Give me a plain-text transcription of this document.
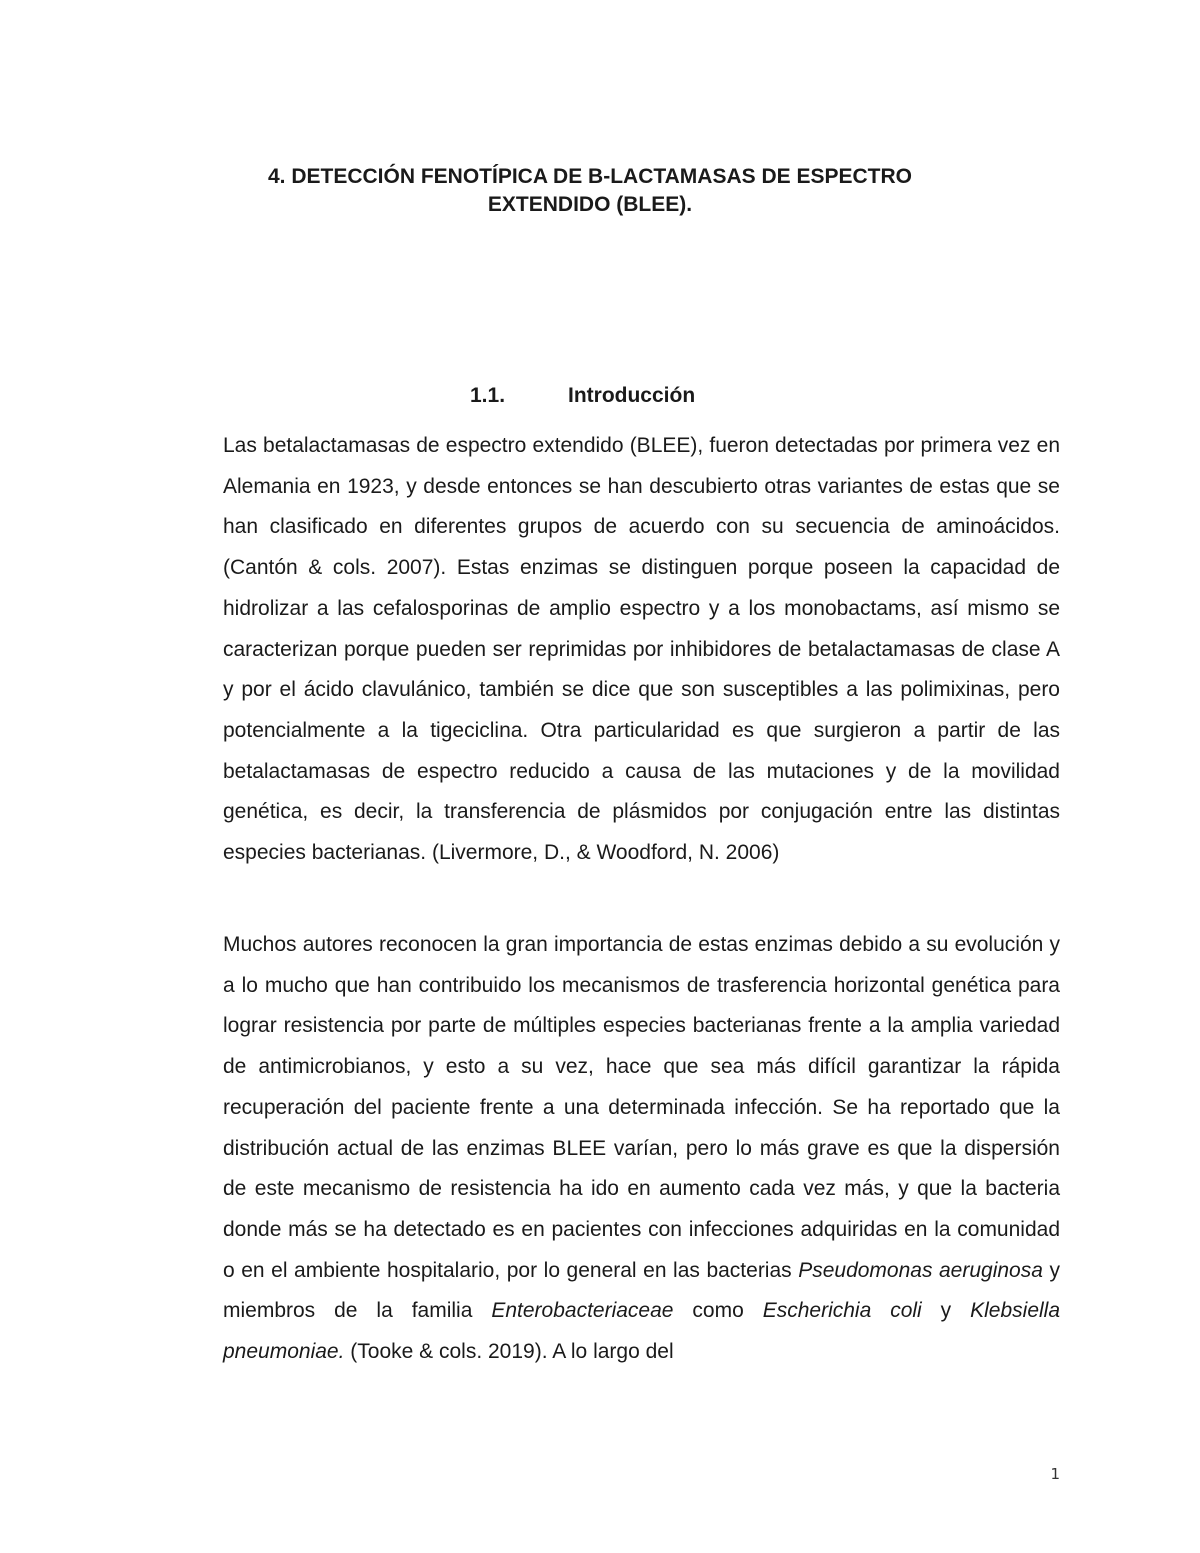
4. DETECCIÓN FENOTÍPICA DE B-LACTAMASAS DE ESPECTRO
EXTENDIDO (BLEE).
1.1.	Introducción

Las betalactamasas de espectro extendido (BLEE), fueron detectadas por primera vez en Alemania en 1923, y desde entonces se han descubierto otras variantes de estas que se han clasificado en diferentes grupos de acuerdo con su secuencia de aminoácidos. (Cantón & cols. 2007). Estas enzimas se distinguen porque poseen la capacidad de hidrolizar a las cefalosporinas de amplio espectro y a los monobactams, así mismo se caracterizan porque pueden ser reprimidas por inhibidores de betalactamasas de clase A y por el ácido clavulánico, también se dice que son susceptibles a las polimixinas, pero potencialmente a la tigeciclina. Otra particularidad es que surgieron a partir de las betalactamasas de espectro reducido a causa de las mutaciones y de la movilidad genética, es decir, la transferencia de plásmidos por conjugación entre las distintas especies bacterianas. (Livermore, D., & Woodford, N. 2006)

Muchos autores reconocen la gran importancia de estas enzimas debido a su evolución y a lo mucho que han contribuido los mecanismos de trasferencia horizontal genética para lograr resistencia por parte de múltiples especies bacterianas frente a la amplia variedad de antimicrobianos, y esto a su vez, hace que sea más difícil garantizar la rápida recuperación del paciente frente a una determinada infección. Se ha reportado que la distribución actual de las enzimas BLEE varían, pero lo más grave es que la dispersión de este mecanismo de resistencia ha ido en aumento cada vez más, y que la bacteria donde más se ha detectado es en pacientes con infecciones adquiridas en la comunidad o en el ambiente hospitalario, por lo general en las bacterias Pseudomonas aeruginosa y miembros de la familia Enterobacteriaceae como Escherichia coli y Klebsiella pneumoniae. (Tooke & cols. 2019). A lo largo del

1
